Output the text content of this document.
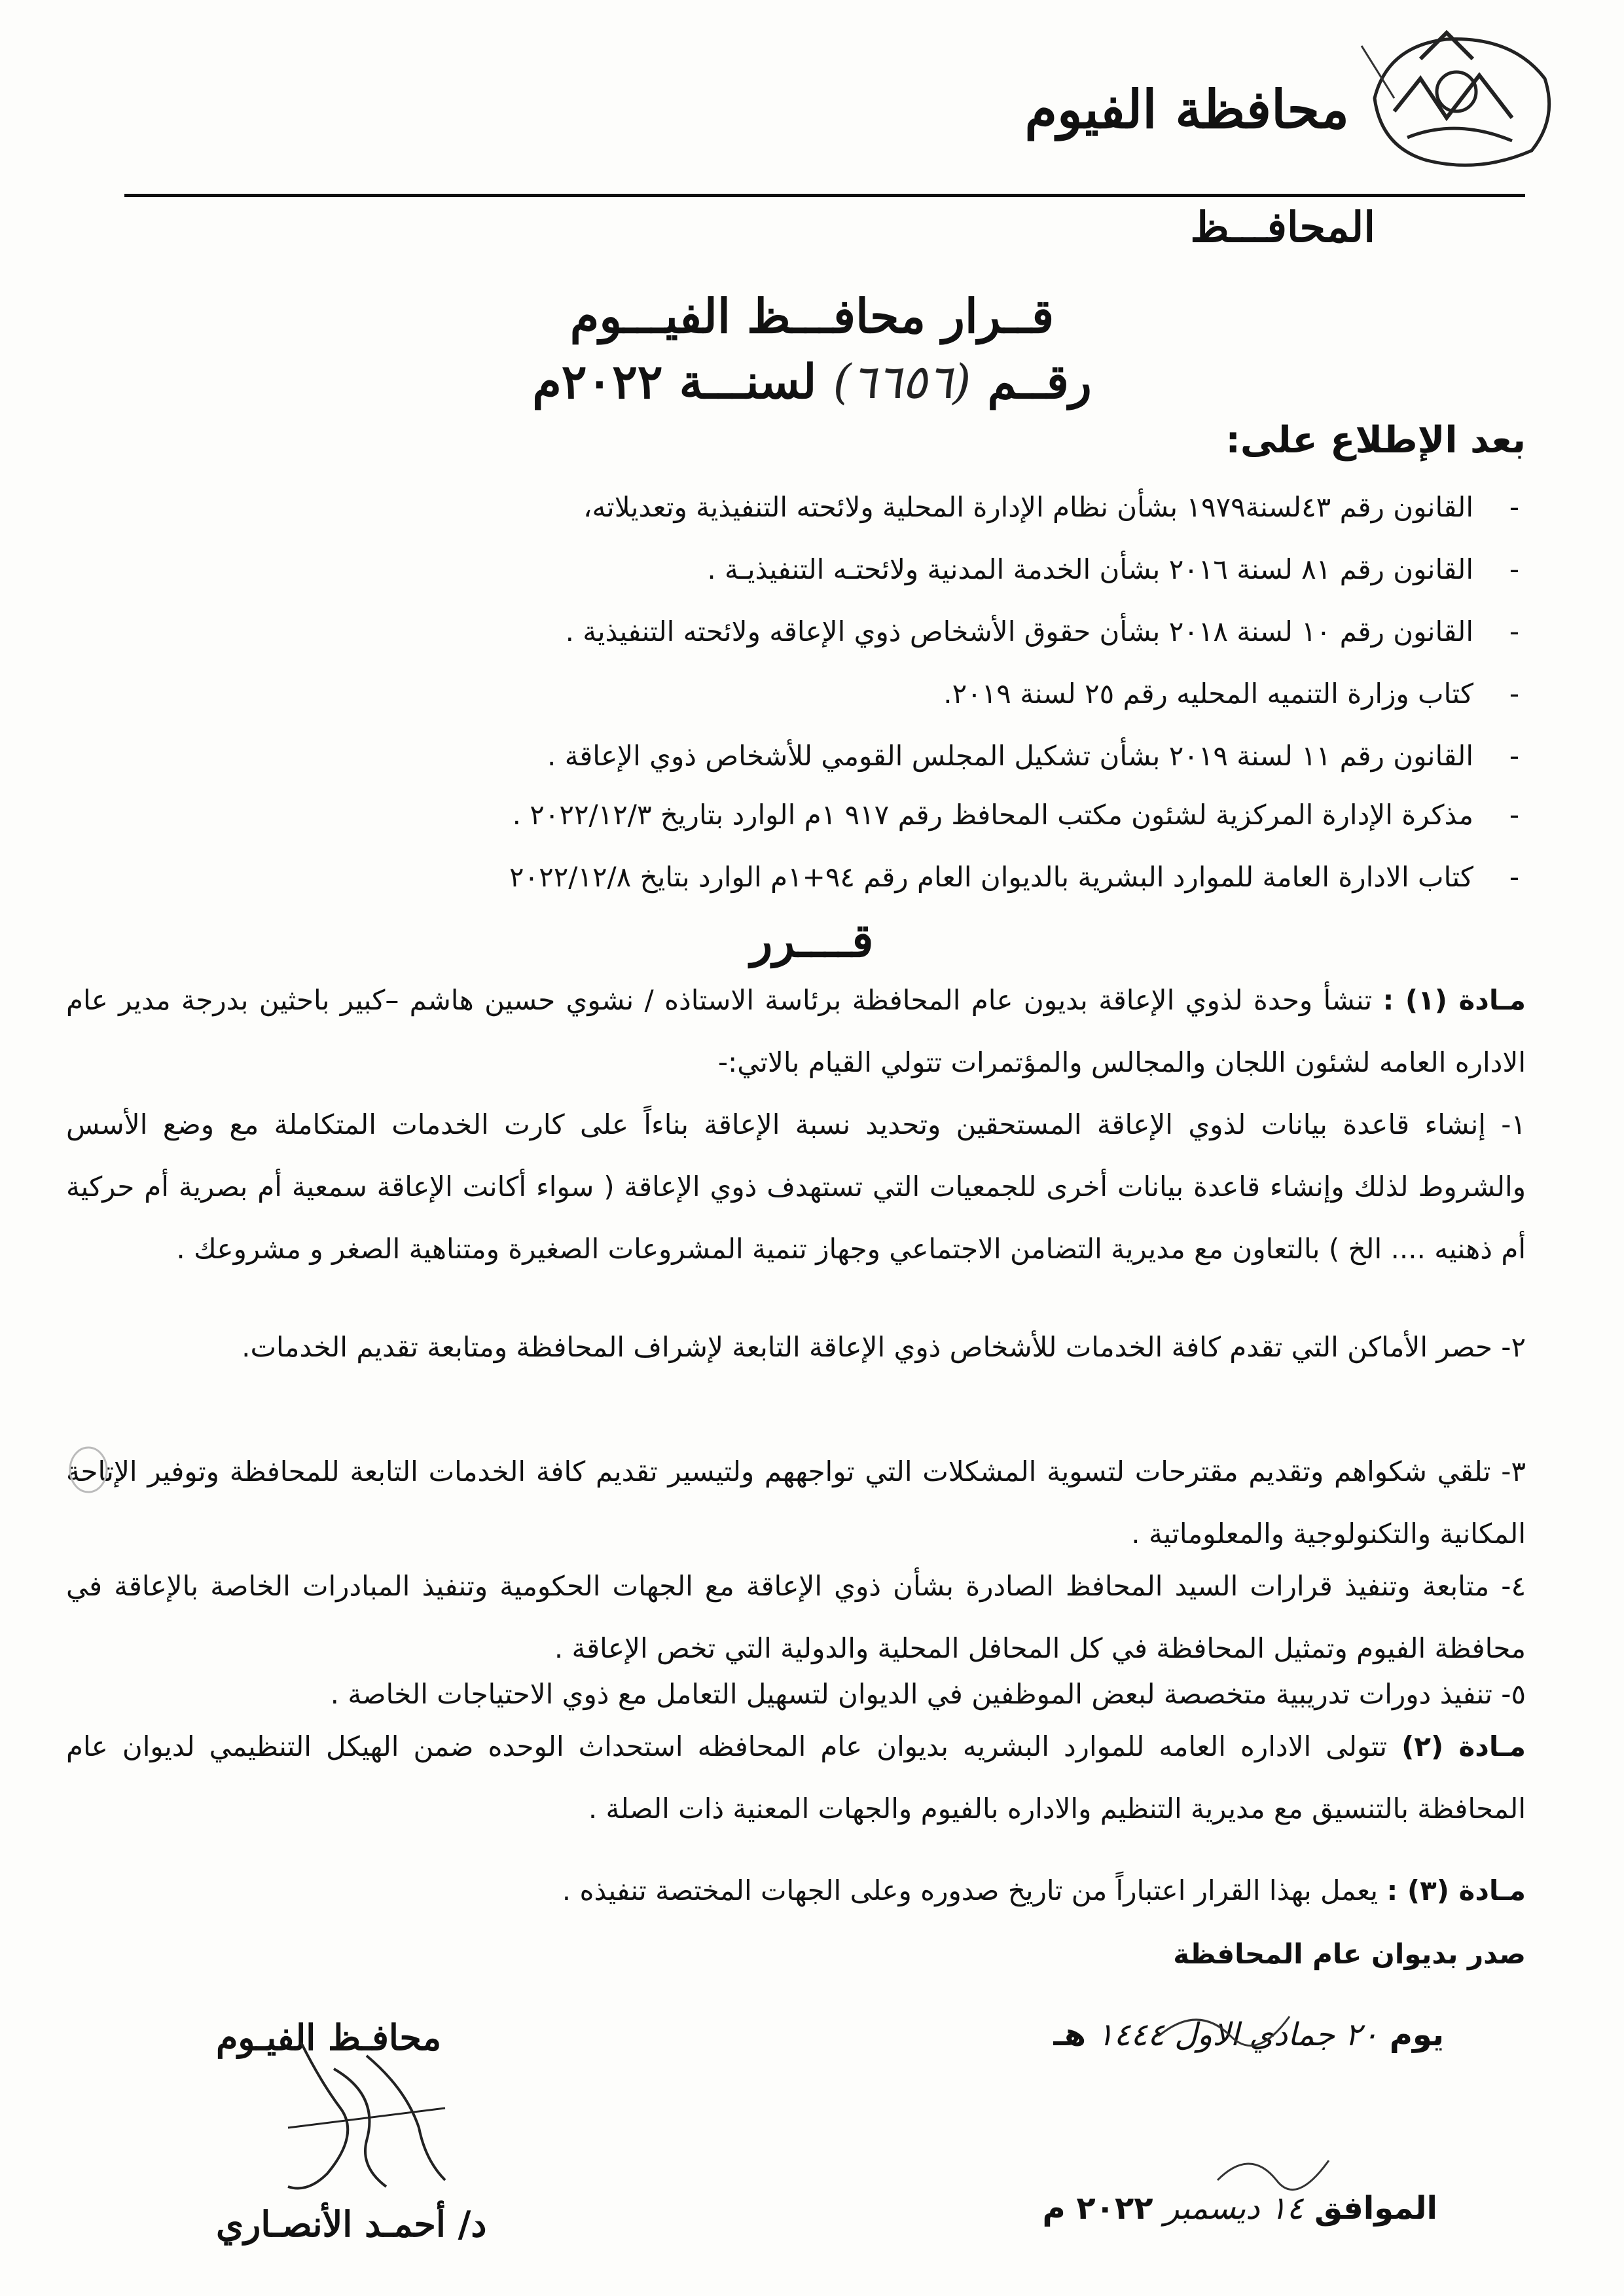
محافظة الفيوم
المحافـــظ
قــرار محافـــظ الفيـــوم
رقــم (٦٦٥٦) لسنـــة ٢٠٢٢م
بعد الإطلاع على:
-
القانون رقم ٤٣لسنة١٩٧٩ بشأن نظام الإدارة المحلية ولائحته التنفيذية وتعديلاته،
-
القانون رقم ٨١ لسنة ٢٠١٦ بشأن الخدمة المدنية ولائحتـه التنفيذيـة .
-
القانون رقم ١٠ لسنة ٢٠١٨ بشأن حقوق الأشخاص ذوي الإعاقه ولائحته التنفيذية .
-
كتاب وزارة التنميه المحليه رقم ٢٥ لسنة ٢٠١٩.
-
القانون رقم ١١ لسنة ٢٠١٩ بشأن تشكيل المجلس القومي للأشخاص ذوي الإعاقة .
-
مذكرة الإدارة المركزية لشئون مكتب المحافظ رقم ٩١٧ ١م الوارد بتاريخ ٢٠٢٢/١٢/٣ .
-
كتاب الادارة العامة للموارد البشرية بالديوان العام رقم ٩٤+١م الوارد بتايخ ٢٠٢٢/١٢/٨
قــــرر
مـادة (١) : تنشأ وحدة لذوي الإعاقة بديون عام المحافظة برئاسة الاستاذه / نشوي حسين هاشم –كبير باحثين بدرجة مدير عام الاداره العامه لشئون اللجان والمجالس والمؤتمرات تتولي القيام بالاتي:-
١- إنشاء قاعدة بيانات لذوي الإعاقة المستحقين وتحديد نسبة الإعاقة بناءاً على كارت الخدمات المتكاملة مع وضع الأسس والشروط لذلك وإنشاء قاعدة بيانات أخرى للجمعيات التي تستهدف ذوي الإعاقة ( سواء أكانت الإعاقة سمعية أم بصرية أم حركية أم ذهنيه .... الخ ) بالتعاون مع مديرية التضامن الاجتماعي وجهاز تنمية المشروعات الصغيرة ومتناهية الصغر و مشروعك .
٢- حصر الأماكن التي تقدم كافة الخدمات للأشخاص ذوي الإعاقة التابعة لإشراف المحافظة ومتابعة تقديم الخدمات.
٣- تلقي شكواهم وتقديم مقترحات لتسوية المشكلات التي تواجههم ولتيسير تقديم كافة الخدمات التابعة للمحافظة وتوفير الإتاحة المكانية والتكنولوجية والمعلوماتية .
٤- متابعة وتنفيذ قرارات السيد المحافظ الصادرة بشأن ذوي الإعاقة مع الجهات الحكومية وتنفيذ المبادرات الخاصة بالإعاقة في محافظة الفيوم وتمثيل المحافظة في كل المحافل المحلية والدولية التي تخص الإعاقة .
٥- تنفيذ دورات تدريبية متخصصة لبعض الموظفين في الديوان لتسهيل التعامل مع ذوي الاحتياجات الخاصة .
مـادة (٢) تتولى الاداره العامه للموارد البشريه بديوان عام المحافظه استحداث الوحده ضمن الهيكل التنظيمي لديوان عام المحافظة بالتنسيق مع مديرية التنظيم والاداره بالفيوم والجهات المعنية ذات الصلة .
مـادة (٣) : يعمل بهذا القرار اعتباراً من تاريخ صدوره وعلى الجهات المختصة تنفيذه .
صدر بديوان عام المحافظة
يوم ٢٠ جمادي الاول ١٤٤٤ هـ
الموافق ١٤ ديسمبر ٢٠٢٢ م
محافـظ الفيـوم
د/ أحمـد الأنصـاري
